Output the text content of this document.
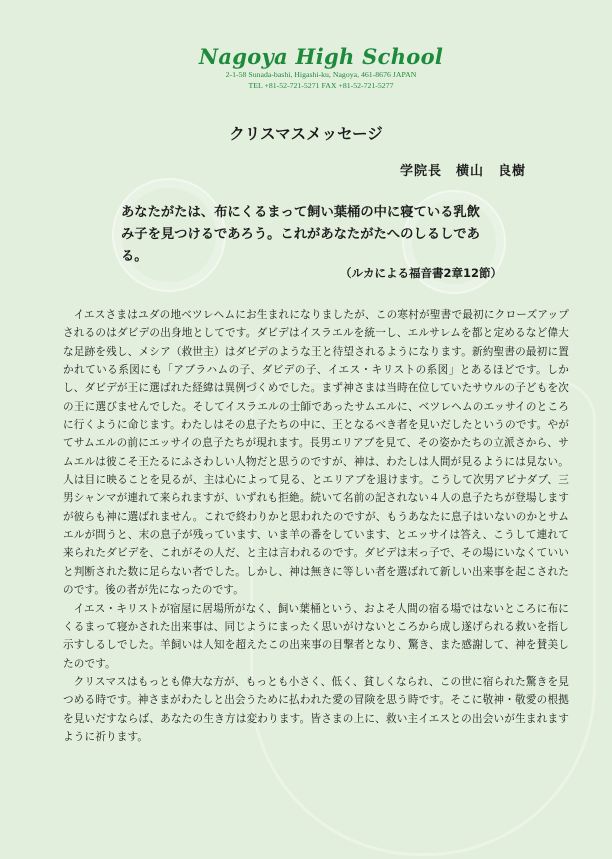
Nagoya High School
2-1-58 Sunada-bashi, Higashi-ku, Nagoya, 461-8676 JAPAN
TEL +81-52-721-5271 FAX +81-52-721-5277
クリスマスメッセージ
学院長　横山　良樹
あなたがたは、布にくるまって飼い葉桶の中に寝ている乳飲み子を見つけるであろう。これがあなたがたへのしるしである。
（ルカによる福音書2章12節）

イエスさまはユダの地ベツレヘムにお生まれになりましたが、この寒村が聖書で最初にクローズアップされるのはダビデの出身地としてです。ダビデはイスラエルを統一し、エルサレムを都と定めるなど偉大な足跡を残し、メシア（救世主）はダビデのような王と待望されるようになります。新約聖書の最初に置かれている系図にも「アブラハムの子、ダビデの子、イエス・キリストの系図」とあるほどです。しかし、ダビデが王に選ばれた経緯は異例づくめでした。まず神さまは当時在位していたサウルの子どもを次の王に選びませんでした。そしてイスラエルの士師であったサムエルに、ベツレヘムのエッサイのところに行くように命じます。わたしはその息子たちの中に、王となるべき者を見いだしたというのです。やがてサムエルの前にエッサイの息子たちが現れます。長男エリアブを見て、その姿かたちの立派さから、サムエルは彼こそ王たるにふさわしい人物だと思うのですが、神は、わたしは人間が見るようには見ない。人は目に映ることを見るが、主は心によって見る、とエリアブを退けます。こうして次男アビナダブ、三男シャンマが連れて来られますが、いずれも拒絶。続いて名前の記されない４人の息子たちが登場しますが彼らも神に選ばれません。これで終わりかと思われたのですが、もうあなたに息子はいないのかとサムエルが問うと、末の息子が残っています、いま羊の番をしています、とエッサイは答え、こうして連れて来られたダビデを、これがその人だ、と主は言われるのです。ダビデは末っ子で、その場にいなくていいと判断された数に足らない者でした。しかし、神は無きに等しい者を選ばれて新しい出来事を起こされたのです。後の者が先になったのです。

イエス・キリストが宿屋に居場所がなく、飼い葉桶という、およそ人間の宿る場ではないところに布にくるまって寝かされた出来事は、同じようにまったく思いがけないところから成し遂げられる救いを指し示すしるしでした。羊飼いは人知を超えたこの出来事の目撃者となり、驚き、また感謝して、神を賛美したのです。

クリスマスはもっとも偉大な方が、もっとも小さく、低く、貧しくなられ、この世に宿られた驚きを見つめる時です。神さまがわたしと出会うために払われた愛の冒険を思う時です。そこに敬神・敬愛の根拠を見いだすならば、あなたの生き方は変わります。皆さまの上に、救い主イエスとの出会いが生まれますように祈ります。
